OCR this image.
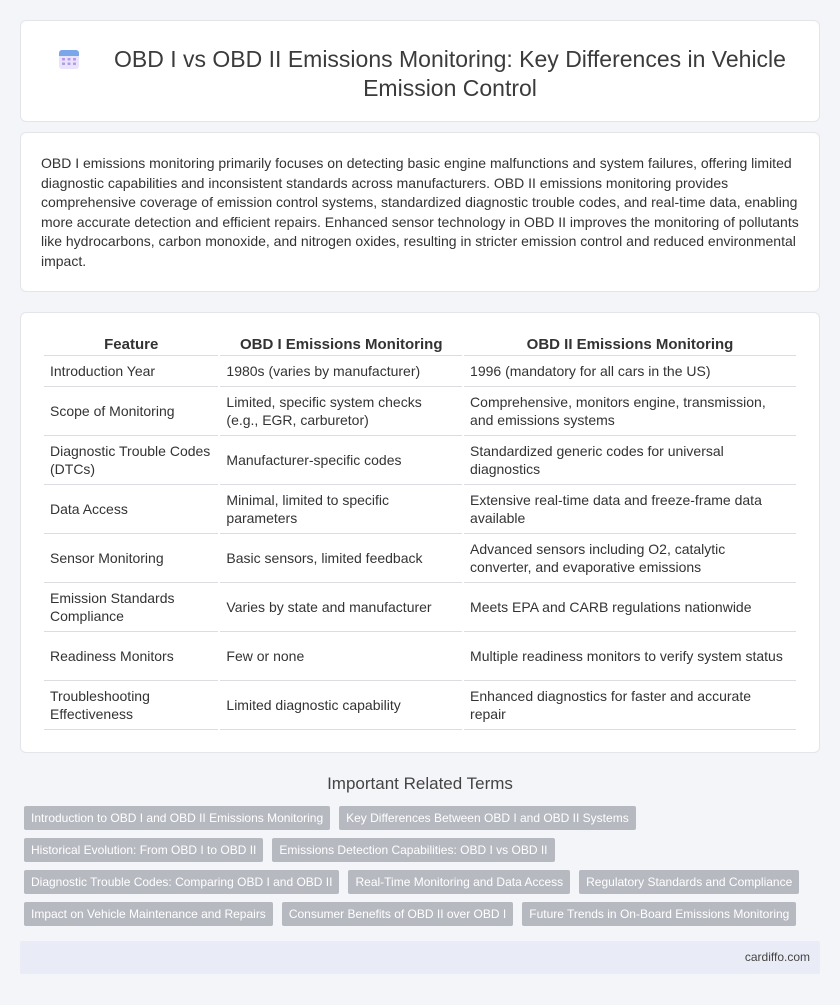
OBD I vs OBD II Emissions Monitoring: Key Differences in Vehicle Emission Control

OBD I emissions monitoring primarily focuses on detecting basic engine malfunctions and system failures, offering limited diagnostic capabilities and inconsistent standards across manufacturers. OBD II emissions monitoring provides comprehensive coverage of emission control systems, standardized diagnostic trouble codes, and real-time data, enabling more accurate detection and efficient repairs. Enhanced sensor technology in OBD II improves the monitoring of pollutants like hydrocarbons, carbon monoxide, and nitrogen oxides, resulting in stricter emission control and reduced environmental impact.

Feature	OBD I Emissions Monitoring	OBD II Emissions Monitoring
Introduction Year	1980s (varies by manufacturer)	1996 (mandatory for all cars in the US)
Scope of Monitoring	Limited, specific system checks (e.g., EGR, carburetor)	Comprehensive, monitors engine, transmission, and emissions systems
Diagnostic Trouble Codes (DTCs)	Manufacturer-specific codes	Standardized generic codes for universal diagnostics
Data Access	Minimal, limited to specific parameters	Extensive real-time data and freeze-frame data available
Sensor Monitoring	Basic sensors, limited feedback	Advanced sensors including O2, catalytic converter, and evaporative emissions
Emission Standards Compliance	Varies by state and manufacturer	Meets EPA and CARB regulations nationwide
Readiness Monitors	Few or none	Multiple readiness monitors to verify system status
Troubleshooting Effectiveness	Limited diagnostic capability	Enhanced diagnostics for faster and accurate repair
Important Related Terms
Introduction to OBD I and OBD II Emissions Monitoring	Key Differences Between OBD I and OBD II Systems
Historical Evolution: From OBD I to OBD II	Emissions Detection Capabilities: OBD I vs OBD II
Diagnostic Trouble Codes: Comparing OBD I and OBD II	Real-Time Monitoring and Data Access	Regulatory Standards and Compliance
Impact on Vehicle Maintenance and Repairs	Consumer Benefits of OBD II over OBD I	Future Trends in On-Board Emissions Monitoring
cardiffo.com
